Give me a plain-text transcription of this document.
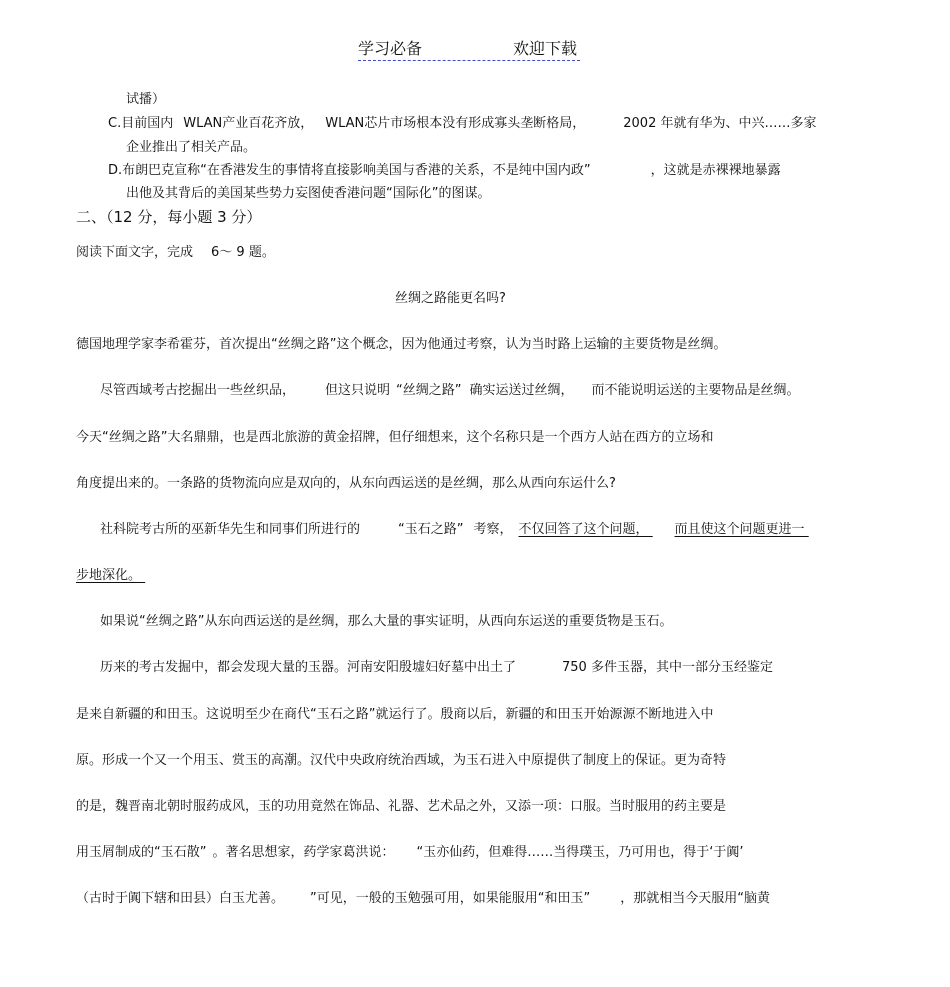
学习必备	欢迎下载
试播）
C.目前国内 WLAN产业百花齐放， WLAN芯片市场根本没有形成寡头垄断格局，	2002 年就有华为、中兴……多家
企业推出了相关产品。
D.布朗巴克宣称“在香港发生的事情将直接影响美国与香港的关系，不是纯中国内政”	，这就是赤裸裸地暴露
出他及其背后的美国某些势力妄图使香港问题“国际化”的图谋。
二、（12 分，每小题 3 分）
阅读下面文字，完成 6～ 9 题。
丝绸之路能更名吗?
德国地理学家李希霍芬，首次提出“丝绸之路”这个概念，因为他通过考察，认为当时路上运输的主要货物是丝绸。
尽管西域考古挖掘出一些丝织品， 但这只说明 “丝绸之路” 确实运送过丝绸， 而不能说明运送的主要物品是丝绸。
今天“丝绸之路”大名鼎鼎，也是西北旅游的黄金招牌，但仔细想来，这个名称只是一个西方人站在西方的立场和
角度提出来的。一条路的货物流向应是双向的，从东向西运送的是丝绸，那么从西向东运什么?
社科院考古所的巫新华先生和同事们所进行的	“玉石之路” 考察， 不仅回答了这个问题， 而且使这个问题更进一
步地深化。
如果说“丝绸之路”从东向西运送的是丝绸，那么大量的事实证明，从西向东运送的重要货物是玉石。
历来的考古发掘中，都会发现大量的玉器。河南安阳殷墟妇好墓中出土了	750 多件玉器，其中一部分玉经鉴定
是来自新疆的和田玉。这说明至少在商代“玉石之路”就运行了。殷商以后，新疆的和田玉开始源源不断地进入中
原。形成一个又一个用玉、赏玉的高潮。汉代中央政府统治西域，为玉石进入中原提供了制度上的保证。更为奇特
的是，魏晋南北朝时服药成风，玉的功用竟然在饰品、礼器、艺术品之外，又添一项：口服。当时服用的药主要是
用玉屑制成的“玉石散” 。著名思想家，药学家葛洪说： “玉亦仙药，但难得……当得璞玉，乃可用也，得于‘于阗’
（古时于阗下辖和田县）白玉尤善。 ”可见，一般的玉勉强可用，如果能服用“和田玉” ，那就相当今天服用“脑黄
